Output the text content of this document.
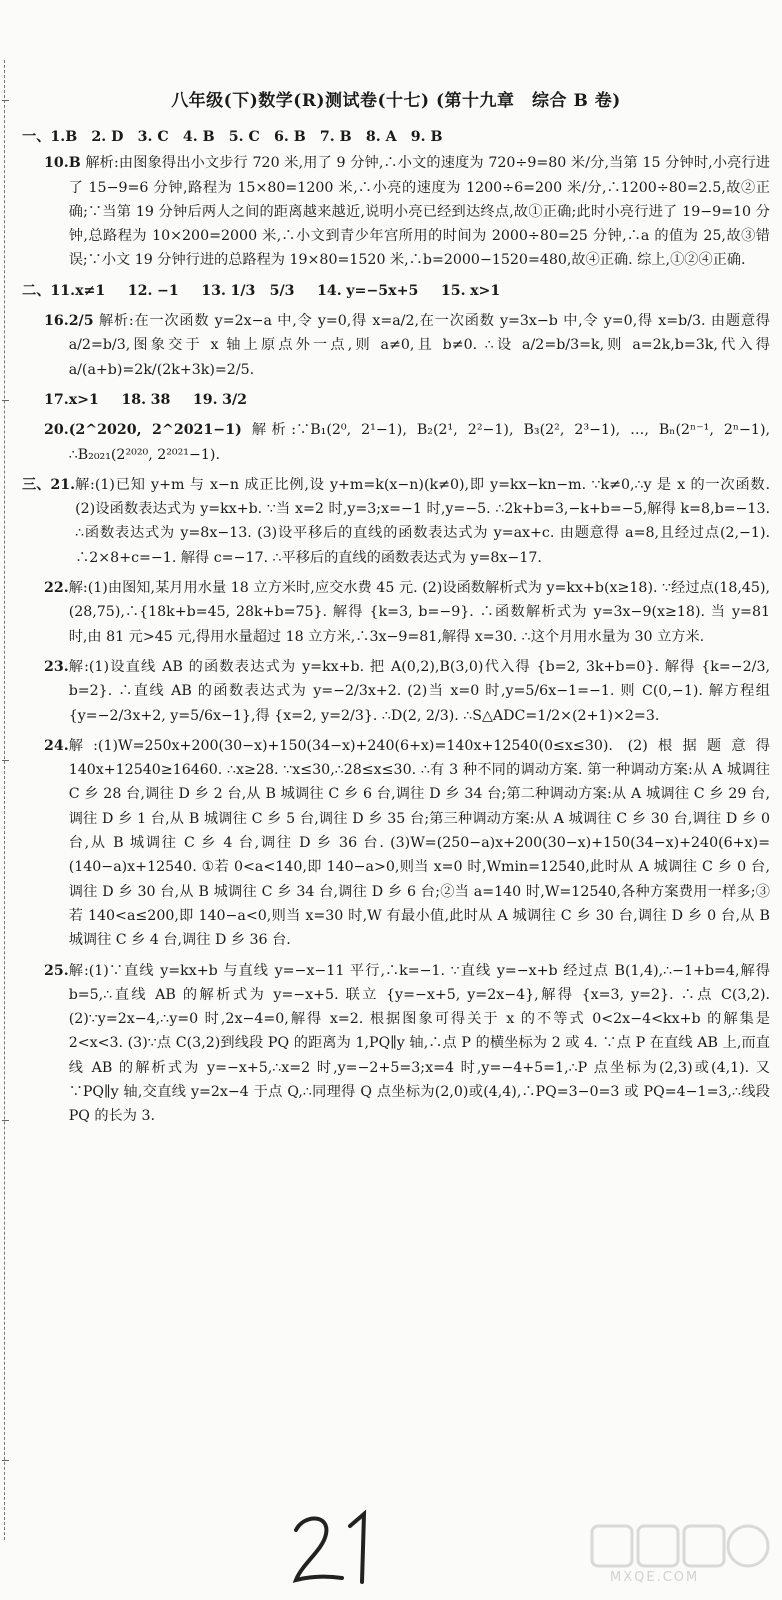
八年级(下)数学(R)测试卷(十七) (第十九章　综合 B 卷)
一、1. B　2. D　3. C　4. B　5. C　6. B　7. B　8. A　9. B
10. B 解析:由图象得出小文步行 720 米,用了 9 分钟,∴小文的速度为 720÷9=80 米/分,当第 15 分钟时,小亮行进了 15−9=6 分钟,路程为 15×80=1200 米,∴小亮的速度为 1200÷6=200 米/分,∴1200÷80=2.5,故②正确;∵当第 19 分钟后两人之间的距离越来越近,说明小亮已经到达终点,故①正确;此时小亮行进了 19−9=10 分钟,总路程为 10×200=2000 米,∴小文到青少年宫所用的时间为 2000÷80=25 分钟,∴a 的值为 25,故③错误;∵小文 19 分钟行进的总路程为 19×80=1520 米,∴b=2000−1520=480,故④正确. 综上,①②④正确.
二、11. x≠1 12. −1 13. 1/3　5/3 14. y=−5x+5 15. x>1
16. 2/5 解析:在一次函数 y=2x−a 中,令 y=0,得 x=a/2,在一次函数 y=3x−b 中,令 y=0,得 x=b/3. 由题意得 a/2=b/3,图象交于 x 轴上原点外一点,则 a≠0,且 b≠0. ∴设 a/2=b/3=k,则 a=2k,b=3k,代入得 a/(a+b)=2k/(2k+3k)=2/5.
17. x>1 18. 38 19. 3/2
20. (2^2020, 2^2021−1) 解析:∵B₁(2⁰, 2¹−1), B₂(2¹, 2²−1), B₃(2², 2³−1), …, Bₙ(2ⁿ⁻¹, 2ⁿ−1), ∴B₂₀₂₁(2²⁰²⁰, 2²⁰²¹−1).
三、21. 解:(1)已知 y+m 与 x−n 成正比例,设 y+m=k(x−n)(k≠0),即 y=kx−kn−m. ∵k≠0,∴y 是 x 的一次函数. (2)设函数表达式为 y=kx+b. ∵当 x=2 时,y=3;x=−1 时,y=−5. ∴2k+b=3,−k+b=−5,解得 k=8,b=−13. ∴函数表达式为 y=8x−13. (3)设平移后的直线的函数表达式为 y=ax+c. 由题意得 a=8,且经过点(2,−1). ∴2×8+c=−1. 解得 c=−17. ∴平移后的直线的函数表达式为 y=8x−17.
22. 解:(1)由图知,某月用水量 18 立方米时,应交水费 45 元. (2)设函数解析式为 y=kx+b(x≥18). ∵经过点(18,45),(28,75),∴{18k+b=45, 28k+b=75}. 解得 {k=3, b=−9}. ∴函数解析式为 y=3x−9(x≥18). 当 y=81 时,由 81 元>45 元,得用水量超过 18 立方米,∴3x−9=81,解得 x=30. ∴这个月用水量为 30 立方米.
23. 解:(1)设直线 AB 的函数表达式为 y=kx+b. 把 A(0,2),B(3,0)代入得 {b=2, 3k+b=0}. 解得 {k=−2/3, b=2}. ∴直线 AB 的函数表达式为 y=−2/3x+2. (2)当 x=0 时,y=5/6x−1=−1. 则 C(0,−1). 解方程组 {y=−2/3x+2, y=5/6x−1},得 {x=2, y=2/3}. ∴D(2, 2/3). ∴S△ADC=1/2×(2+1)×2=3.
24. 解:(1)W=250x+200(30−x)+150(34−x)+240(6+x)=140x+12540(0≤x≤30). (2)根据题意得 140x+12540≥16460. ∴x≥28. ∵x≤30,∴28≤x≤30. ∴有 3 种不同的调动方案. 第一种调动方案:从 A 城调往 C 乡 28 台,调往 D 乡 2 台,从 B 城调往 C 乡 6 台,调往 D 乡 34 台;第二种调动方案:从 A 城调往 C 乡 29 台,调往 D 乡 1 台,从 B 城调往 C 乡 5 台,调往 D 乡 35 台;第三种调动方案:从 A 城调往 C 乡 30 台,调往 D 乡 0 台,从 B 城调往 C 乡 4 台,调往 D 乡 36 台. (3)W=(250−a)x+200(30−x)+150(34−x)+240(6+x)=(140−a)x+12540. ①若 0<a<140,即 140−a>0,则当 x=0 时,Wmin=12540,此时从 A 城调往 C 乡 0 台,调往 D 乡 30 台,从 B 城调往 C 乡 34 台,调往 D 乡 6 台;②当 a=140 时,W=12540,各种方案费用一样多;③若 140<a≤200,即 140−a<0,则当 x=30 时,W 有最小值,此时从 A 城调往 C 乡 30 台,调往 D 乡 0 台,从 B 城调往 C 乡 4 台,调往 D 乡 36 台.
25. 解:(1)∵直线 y=kx+b 与直线 y=−x−11 平行,∴k=−1. ∵直线 y=−x+b 经过点 B(1,4),∴−1+b=4,解得 b=5,∴直线 AB 的解析式为 y=−x+5. 联立 {y=−x+5, y=2x−4},解得 {x=3, y=2}. ∴点 C(3,2). (2)∵y=2x−4,∴y=0 时,2x−4=0,解得 x=2. 根据图象可得关于 x 的不等式 0<2x−4<kx+b 的解集是 2<x<3. (3)∵点 C(3,2)到线段 PQ 的距离为 1,PQ∥y 轴,∴点 P 的横坐标为 2 或 4. ∵点 P 在直线 AB 上,而直线 AB 的解析式为 y=−x+5,∴x=2 时,y=−2+5=3;x=4 时,y=−4+5=1,∴P 点坐标为(2,3)或(4,1). 又∵PQ∥y 轴,交直线 y=2x−4 于点 Q,∴同理得 Q 点坐标为(2,0)或(4,4),∴PQ=3−0=3 或 PQ=4−1=3,∴线段 PQ 的长为 3.
MXQE.COM
